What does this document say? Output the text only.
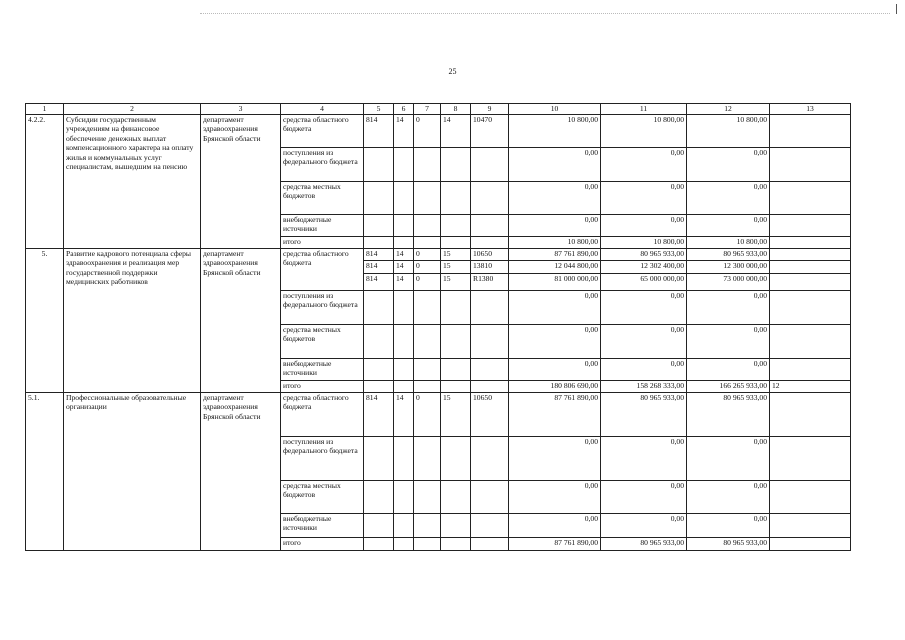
25
1	2	3	4	5	6	7	8	9	10	11	12	13
4.2.2.	Субсидии государственным учреждениям на финансовое обеспечение денежных выплат компенсационного характера на оплату жилья и коммунальных услуг специалистам, вышедшим на пенсию	департамент здравоохранения Брянской области	средства областного бюджета	814	14	0	14	10470	10 800,00	10 800,00	10 800,00	
			поступления из федерального бюджета						0,00	0,00	0,00	
			средства местных бюджетов						0,00	0,00	0,00	
			внебюджетные источники						0,00	0,00	0,00	
			итого						10 800,00	10 800,00	10 800,00	
5.	Развитие кадрового потенциала сферы здравоохранения и реализация мер государственной поддержки медицинских работников	департамент здравоохранения Брянской области	средства областного бюджета	814	14	0	15	10650	87 761 890,00	80 965 933,00	80 965 933,00	
				814	14	0	15	13810	12 044 800,00	12 302 400,00	12 300 000,00	
				814	14	0	15	R1380	81 000 000,00	65 000 000,00	73 000 000,00	
			поступления из федерального бюджета						0,00	0,00	0,00	
			средства местных бюджетов						0,00	0,00	0,00	
			внебюджетные источники						0,00	0,00	0,00	
			итого						180 806 690,00	158 268 333,00	166 265 933,00	12
5.1.	Профессиональные образовательные организации	департамент здравоохранения Брянской области	средства областного бюджета	814	14	0	15	10650	87 761 890,00	80 965 933,00	80 965 933,00	
			поступления из федерального бюджета						0,00	0,00	0,00	
			средства местных бюджетов						0,00	0,00	0,00	
			внебюджетные источники						0,00	0,00	0,00	
			итого						87 761 890,00	80 965 933,00	80 965 933,00	
